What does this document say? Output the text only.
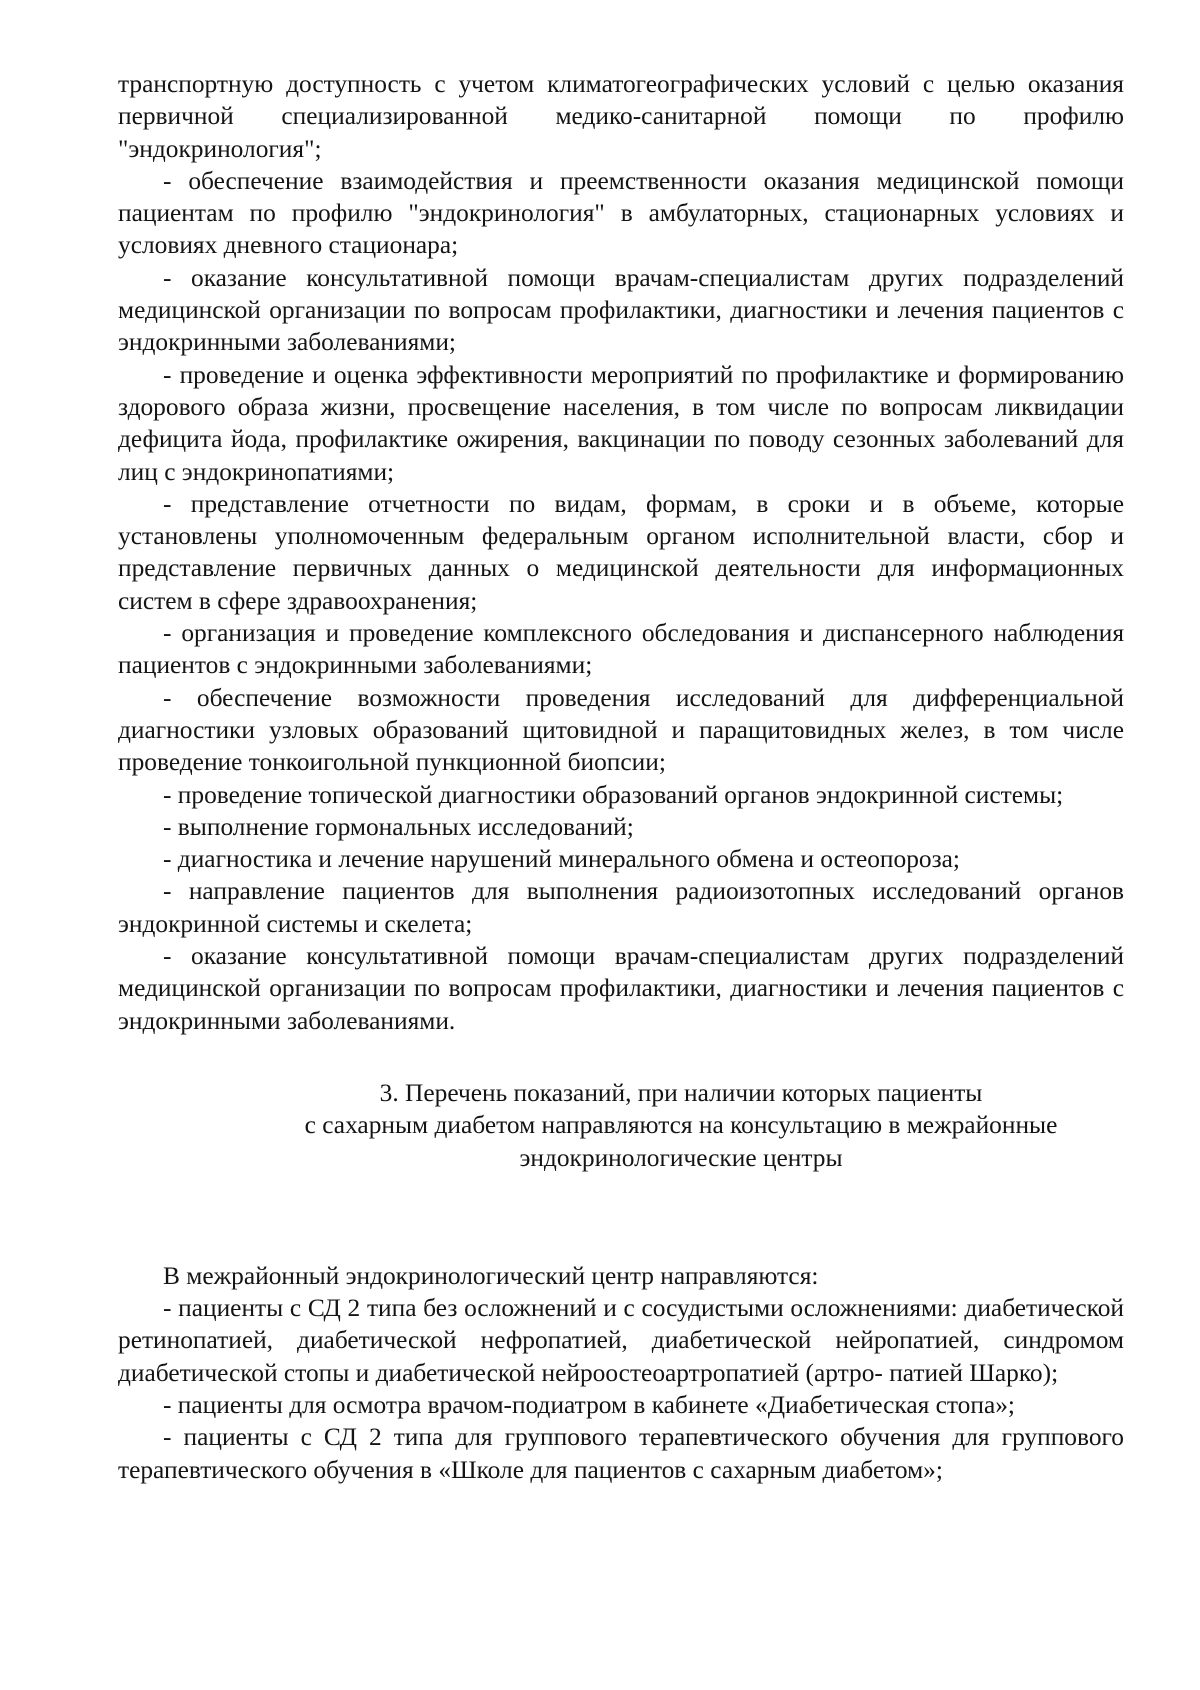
транспортную доступность с учетом климатогеографических условий с целью оказания первичной специализированной медико-санитарной помощи по профилю "эндокринология";

- обеспечение взаимодействия и преемственности оказания медицинской помощи пациентам по профилю "эндокринология" в амбулаторных, стационарных условиях и условиях дневного стационара;

- оказание консультативной помощи врачам-специалистам других подразделений медицинской организации по вопросам профилактики, диагностики и лечения пациентов с эндокринными заболеваниями;

- проведение и оценка эффективности мероприятий по профилактике и формированию здорового образа жизни, просвещение населения, в том числе по вопросам ликвидации дефицита йода, профилактике ожирения, вакцинации по поводу сезонных заболеваний для лиц с эндокринопатиями;

- представление отчетности по видам, формам, в сроки и в объеме, которые установлены уполномоченным федеральным органом исполнительной власти, сбор и представление первичных данных о медицинской деятельности для информационных систем в сфере здравоохранения;

- организация и проведение комплексного обследования и диспансерного наблюдения пациентов с эндокринными заболеваниями;

- обеспечение возможности проведения исследований для дифференциальной диагностики узловых образований щитовидной и паращитовидных желез, в том числе проведение тонкоигольной пункционной биопсии;

- проведение топической диагностики образований органов эндокринной системы;

- выполнение гормональных исследований;

- диагностика и лечение нарушений минерального обмена и остеопороза;

- направление пациентов для выполнения радиоизотопных исследований органов эндокринной системы и скелета;

- оказание консультативной помощи врачам-специалистам других подразделений медицинской организации по вопросам профилактики, диагностики и лечения пациентов с эндокринными заболеваниями.

3. Перечень показаний, при наличии которых пациенты
с сахарным диабетом направляются на консультацию в межрайонные
эндокринологические центры

В межрайонный эндокринологический центр направляются:

- пациенты с СД 2 типа без осложнений и с сосудистыми осложнениями: диабетической ретинопатией, диабетической нефропатией, диабетической нейропатией, синдромом диабетической стопы и диабетической нейроостеоартропатией (артро- патией Шарко);

- пациенты для осмотра врачом-подиатром в кабинете «Диабетическая стопа»;

- пациенты с СД 2 типа для группового терапевтического обучения для группового терапевтического обучения в «Школе для пациентов с сахарным диабетом»;
